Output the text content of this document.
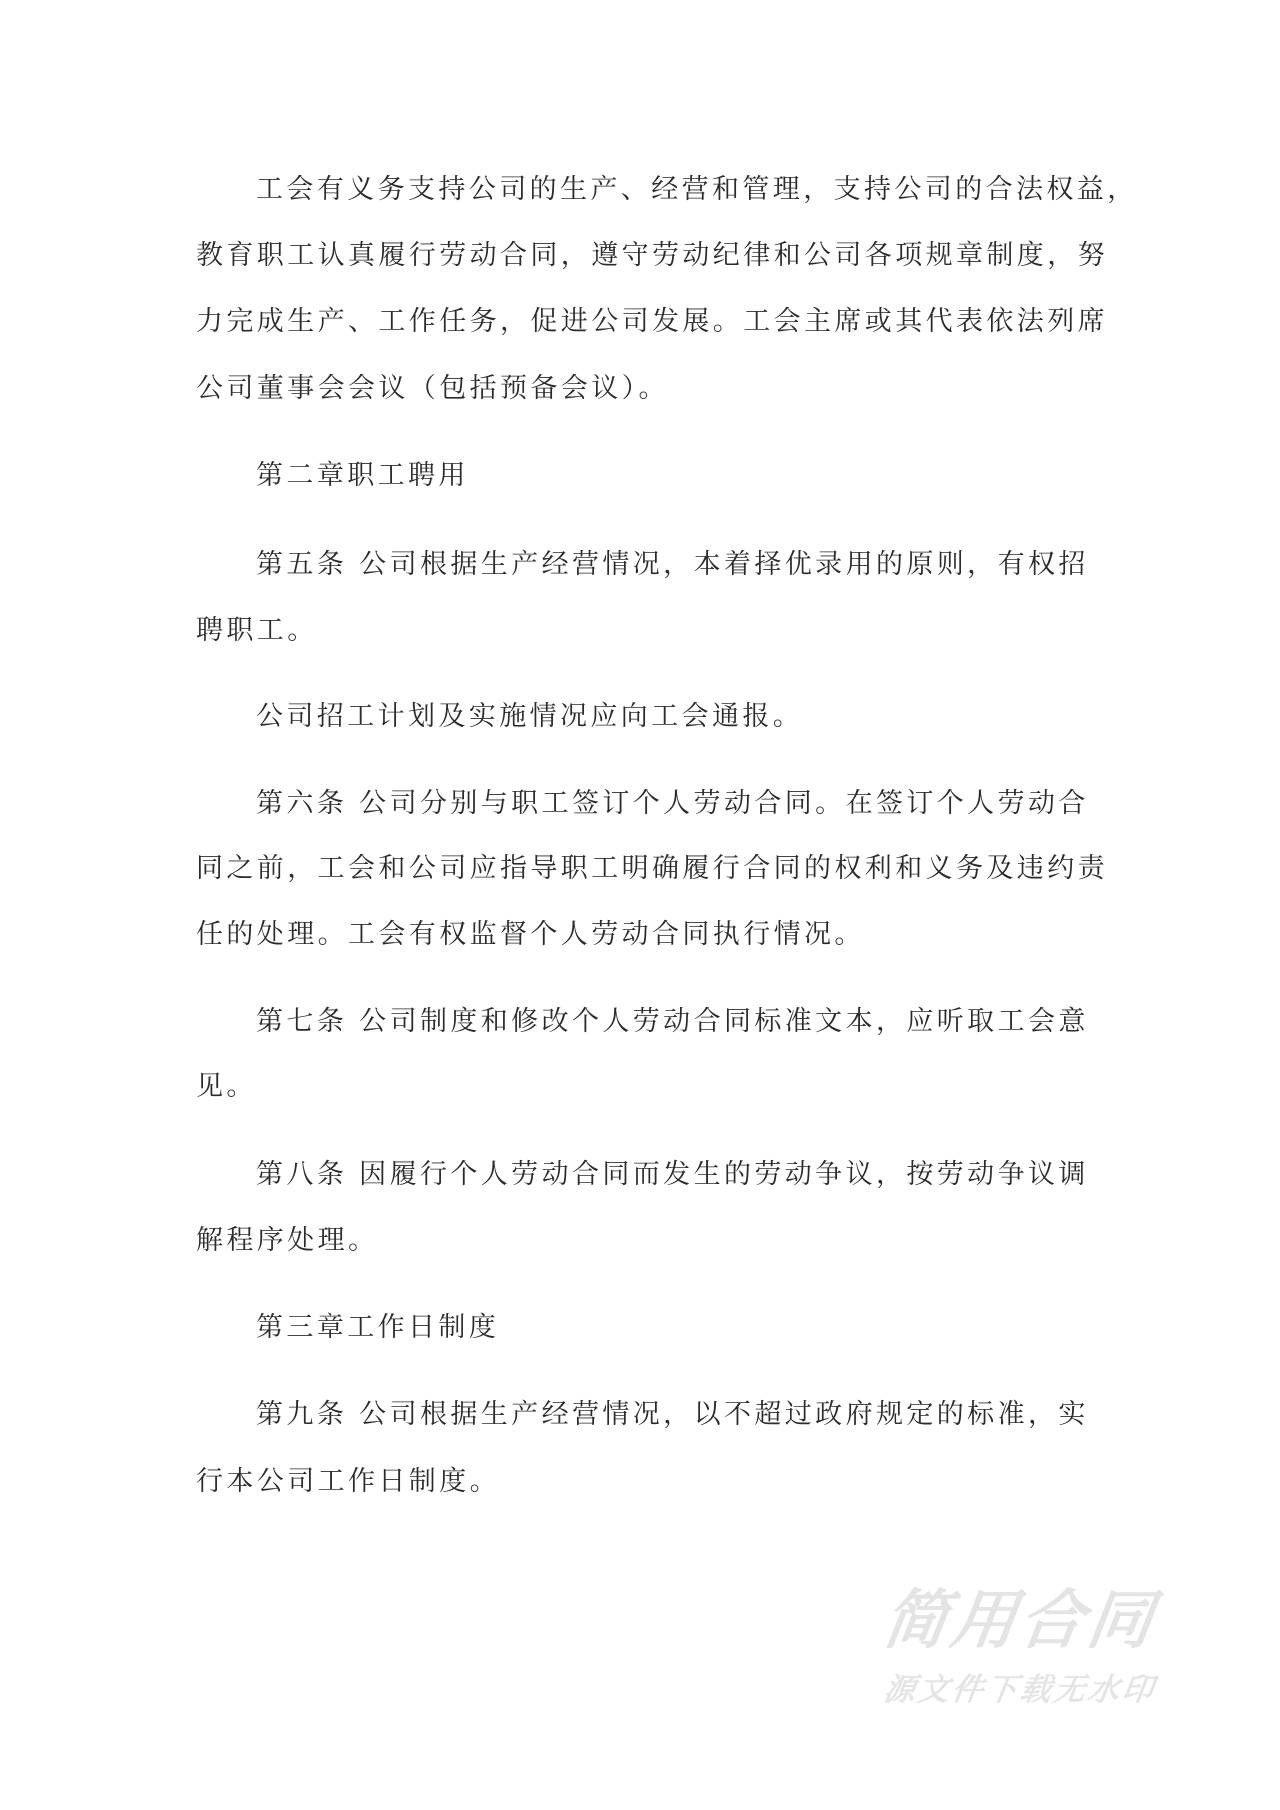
工会有义务支持公司的生产、经营和管理，支持公司的合法权益，
教育职工认真履行劳动合同，遵守劳动纪律和公司各项规章制度，努
力完成生产、工作任务，促进公司发展。工会主席或其代表依法列席
公司董事会会议（包括预备会议）。
第二章职工聘用
第五条 公司根据生产经营情况，本着择优录用的原则，有权招
聘职工。
公司招工计划及实施情况应向工会通报。
第六条 公司分别与职工签订个人劳动合同。在签订个人劳动合
同之前，工会和公司应指导职工明确履行合同的权利和义务及违约责
任的处理。工会有权监督个人劳动合同执行情况。
第七条 公司制度和修改个人劳动合同标准文本，应听取工会意
见。
第八条 因履行个人劳动合同而发生的劳动争议，按劳动争议调
解程序处理。
第三章工作日制度
第九条 公司根据生产经营情况，以不超过政府规定的标准，实
行本公司工作日制度。
简用合同
源文件下载无水印
